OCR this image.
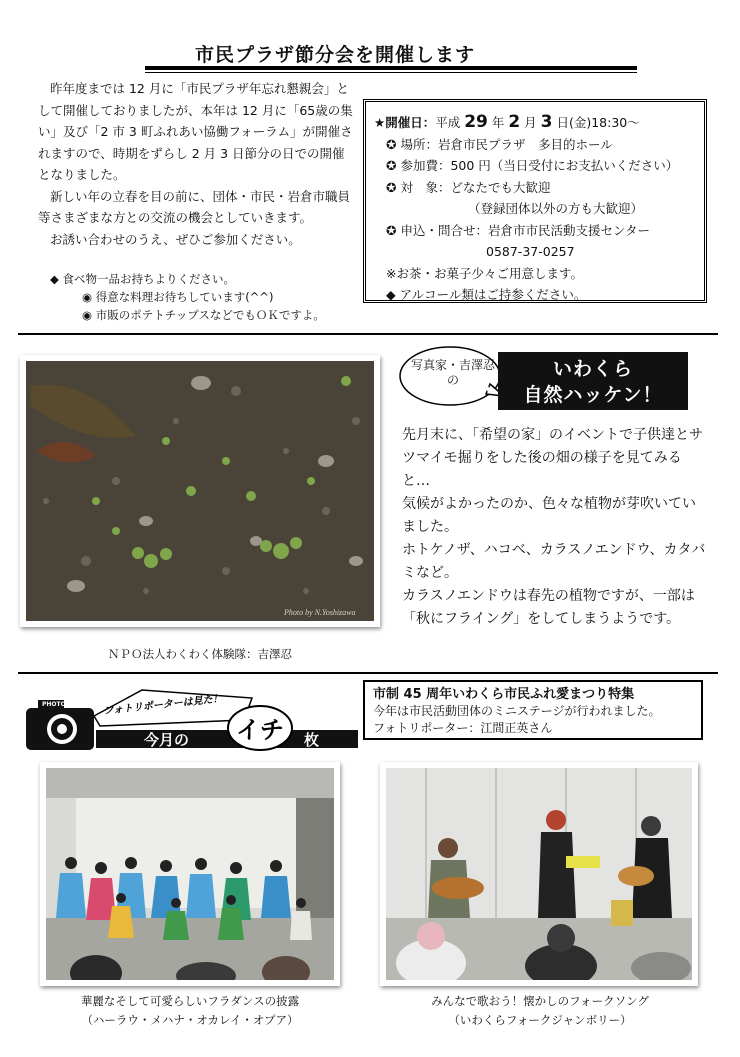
市民プラザ節分会を開催します

昨年度までは 12 月に「市民プラザ年忘れ懇親会」として開催しておりましたが、本年は 12 月に「65歳の集い」及び「2 市 3 町ふれあい協働フォーラム」が開催されますので、時期をずらし 2 月 3 日節分の日での開催となりました。

新しい年の立春を目の前に、団体・市民・岩倉市職員等さまざまな方との交流の機会としていきます。

お誘い合わせのうえ、ぜひご参加ください。

◆ 食べ物一品お持ちよりください。
◉ 得意な料理お待ちしています(^^)
◉ 市販のポテトチップスなどでもＯＫですよ。
★開催日：平成 29 年 2 月 3 日(金)18:30～
✪ 場所：岩倉市民プラザ　多目的ホール
✪ 参加費：500 円（当日受付にお支払いください）
✪ 対　象：どなたでも大歓迎
（登録団体以外の方も大歓迎）
✪ 申込・問合せ：岩倉市市民活動支援センター
0587-37-0257
※お茶・お菓子少々ご用意します。
◆ アルコール類はご持参ください。
Photo by N.Yoshizawa
ＮＰＯ法人わくわく体験隊：吉澤忍
写真家・吉澤忍の	いわくら
自然ハッケン！

先月末に、「希望の家」のイベントで子供達とサツマイモ掘りをした後の畑の様子を見てみると…

気候がよかったのか、色々な植物が芽吹いていました。

ホトケノザ、ハコベ、カラスノエンドウ、カタバミなど。

カラスノエンドウは春先の植物ですが、一部は「秋にフライング」をしてしまうようです。

PHOTO	フォトリポーターは見た！
今月の イチ 枚
市制 45 周年いわくら市民ふれ愛まつり特集
今年は市民活動団体のミニステージが行われました。
フォトリポーター：江間正英さん
華麗なそして可愛らしいフラダンスの披露
（ハーラウ・メハナ・オカレイ・オプア）
みんなで歌おう！懐かしのフォークソング
（いわくらフォークジャンボリー）
